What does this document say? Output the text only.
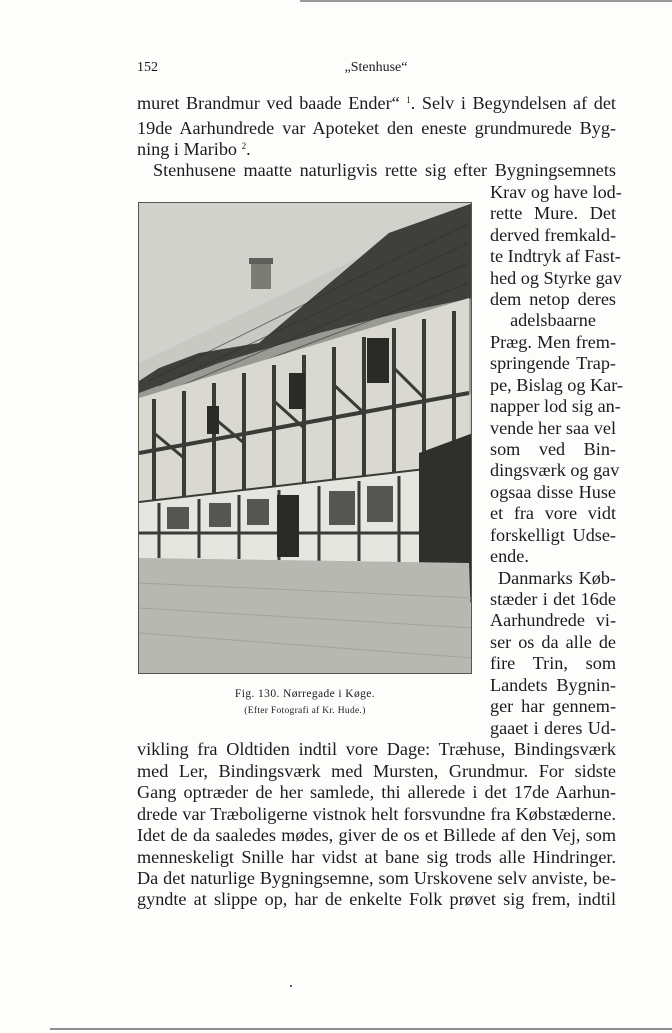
152	„Stenhuse“
muret Brandmur ved baade Ender“ $^1$. Selv i Begyndelsen af det
19de Aarhundrede var Apoteket den eneste grundmurede Byg-
ning i Maribo $^2$.
Stenhusene maatte naturligvis rette sig efter Bygningsemnets
Krav og have lod-
rette Mure. Det
derved fremkald-
te Indtryk af Fast-
hed og Styrke gav
dem netop deres
adelsbaarne
Præg. Men frem-
springende Trap-
pe, Bislag og Kar-
napper lod sig an-
vende her saa vel
som ved Bin-
dingsværk og gav
ogsaa disse Huse
et fra vore vidt
forskelligt Udse-
ende.
Danmarks Køb-
stæder i det 16de
Aarhundrede vi-
ser os da alle de
fire Trin, som
Landets Bygnin-
ger har gennem-
gaaet i deres Ud-
vikling fra Oldtiden indtil vore Dage: Træhuse, Bindingsværk
med Ler, Bindingsværk med Mursten, Grundmur. For sidste
Gang optræder de her samlede, thi allerede i det 17de Aarhun-
drede var Træboligerne vistnok helt forsvundne fra Købstæderne.
Idet de da saaledes mødes, giver de os et Billede af den Vej, som
menneskeligt Snille har vidst at bane sig trods alle Hindringer.
Da det naturlige Bygningsemne, som Urskovene selv anviste, be-
gyndte at slippe op, har de enkelte Folk prøvet sig frem, indtil
Fig. 130. Nørregade i Køge.
(Efter Fotografi af Kr. Hude.)
